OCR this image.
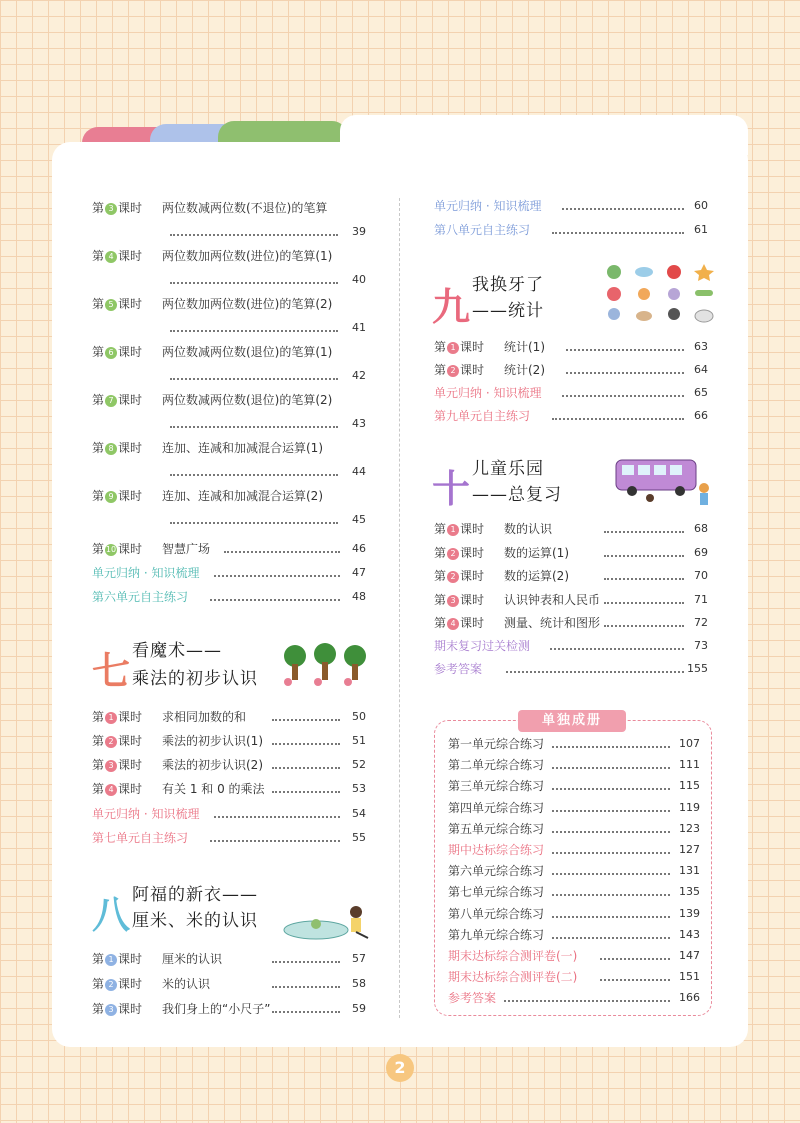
第 3 课时 两位数减两位数(不退位)的笔算
39
第 4 课时 两位数加两位数(进位)的笔算(1)
40
第 5 课时 两位数加两位数(进位)的笔算(2)
41
第 6 课时 两位数减两位数(退位)的笔算(1)
42
第 7 课时 两位数减两位数(退位)的笔算(2)
43
第 8 课时 连加、连减和加减混合运算(1)
44
第 9 课时 连加、连减和加减混合运算(2)
45
第 10 课时 智慧广场	46
单元归纳 · 知识梳理	47
第六单元自主练习	48
第 1 课时 求相同加数的和	50
第 2 课时 乘法的初步认识(1)	51
第 3 课时 乘法的初步认识(2)	52
第 4 课时 有关 1 和 0 的乘法	53
单元归纳 · 知识梳理	54
第七单元自主练习	55
第 1 课时 厘米的认识	57
第 2 课时 米的认识	58
第 3 课时 我们身上的“小尺子”	59
单元归纳 · 知识梳理	60
第八单元自主练习	61
第 1 课时 统计(1)	63
第 2 课时 统计(2)	64
单元归纳 · 知识梳理	65
第九单元自主练习	66
第 1 课时 数的认识	68
第 2 课时 数的运算(1)	69
第 2 课时 数的运算(2)	70
第 3 课时 认识钟表和人民币	71
第 4 课时 测量、统计和图形	72
期末复习过关检测	73
参考答案	155
七 看魔术——
乘法的初步认识
八 阿福的新衣——
厘米、米的认识
九 我换牙了
——统计
十 儿童乐园
——总复习
单独成册
第一单元综合练习	107
第二单元综合练习	111
第三单元综合练习	115
第四单元综合练习	119
第五单元综合练习	123
期中达标综合练习	127
第六单元综合练习	131
第七单元综合练习	135
第八单元综合练习	139
第九单元综合练习	143
期末达标综合测评卷(一)	147
期末达标综合测评卷(二)	151
参考答案	166
2
